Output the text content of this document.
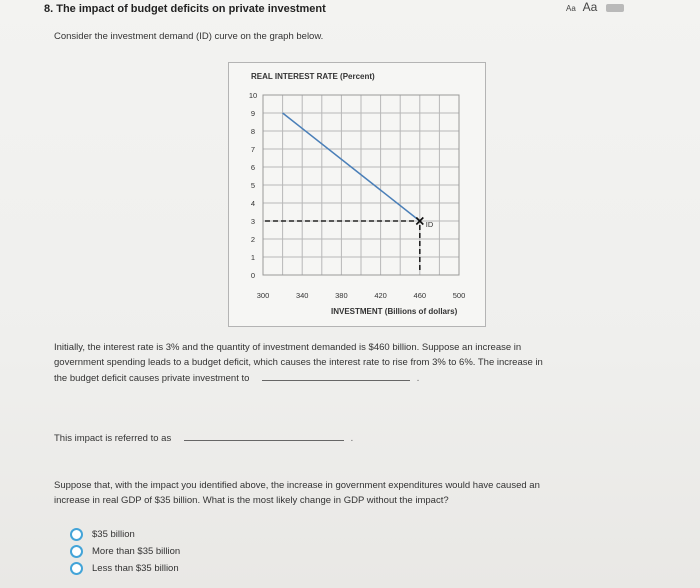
8. The impact of budget deficits on private investment	Aa Aa
Consider the investment demand (ID) curve on the graph below.
REAL INTEREST RATE (Percent)
0
1
2
3
4
5
6
7
8
9
10
300	340	380	420	460	500
ID
INVESTMENT (Billions of dollars)
Initially, the interest rate is 3% and the quantity of investment demanded is $460 billion. Suppose an increase in
government spending leads to a budget deficit, which causes the interest rate to rise from 3% to 6%. The increase in
the budget deficit causes private investment to	.
This impact is referred to as	.
Suppose that, with the impact you identified above, the increase in government expenditures would have caused an
increase in real GDP of $35 billion. What is the most likely change in GDP without the impact?
$35 billion
More than $35 billion
Less than $35 billion
